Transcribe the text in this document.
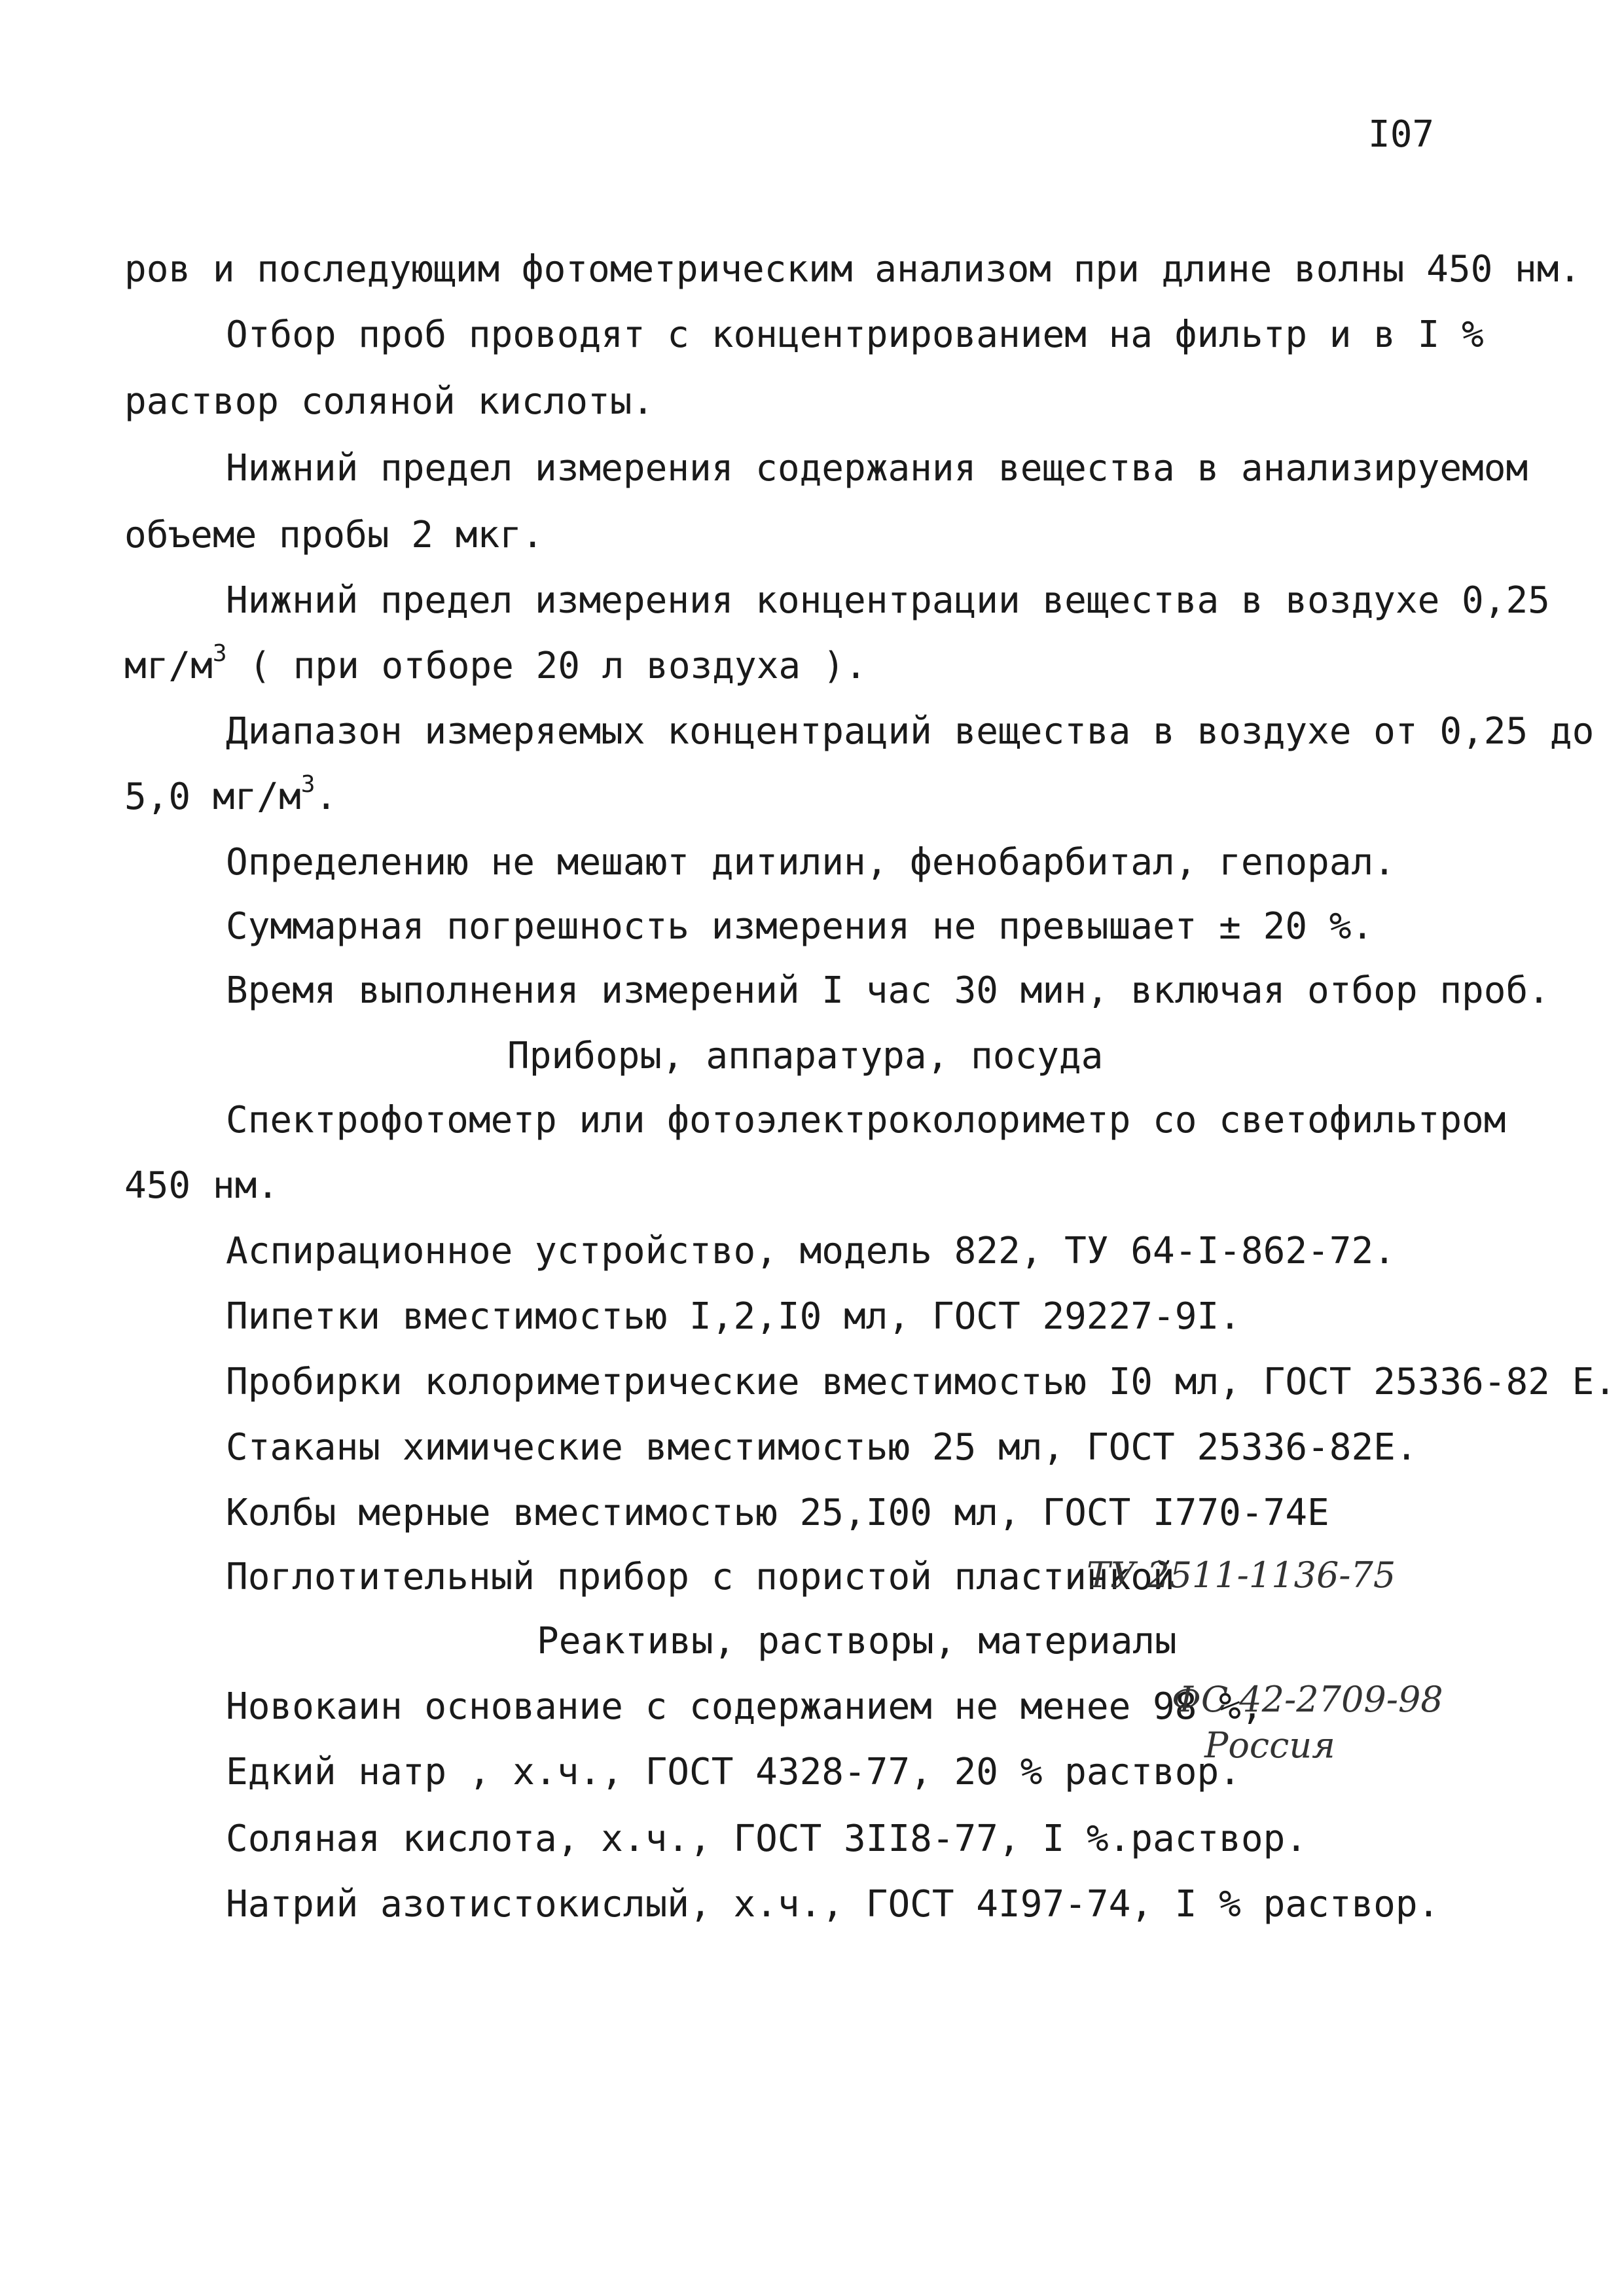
I07
ров и последующим фотометрическим анализом при длине волны 450 нм.
Отбор проб проводят с концентрированием на фильтр и в I %
раствор соляной кислоты.
Нижний предел измерения содержания вещества в анализируемом
объеме пробы 2 мкг.
Нижний предел измерения концентрации вещества в воздухе 0,25
$мг/м^3$ ( при отборе 20 л воздуха ).
Диапазон измеряемых концентраций вещества в воздухе от 0,25 до
5,0 $мг/м^3$.
Определению не мешают дитилин, фенобарбитал, гепорал.
Суммарная погрешность измерения не превышает ± 20 %.
Время выполнения измерений I час 30 мин, включая отбор проб.
Приборы, аппаратура, посуда
Спектрофотометр или фотоэлектроколориметр со светофильтром
450 нм.
Аспирационное устройство, модель 822, ТУ 64-I-862-72.
Пипетки вместимостью I,2,I0 мл, ГОСТ 29227-9I.
Пробирки колориметрические вместимостью I0 мл, ГОСТ 25336-82 Е.
Стаканы химические вместимостью 25 мл, ГОСТ 25336-82Е.
Колбы мерные вместимостью 25,I00 мл, ГОСТ I770-74Е
Поглотительный прибор с пористой пластинкой
ТУ 2511-1136-75
Реактивы, растворы, материалы
Новокаин основание с содержанием не менее 98 %,
ФС 42-2709-98
Россия
Едкий натр , х.ч., ГОСТ 4328-77, 20 % раствор.
Соляная кислота, х.ч., ГОСТ 3II8-77, I %.раствор.
Натрий азотистокислый, х.ч., ГОСТ 4I97-74, I % раствор.
